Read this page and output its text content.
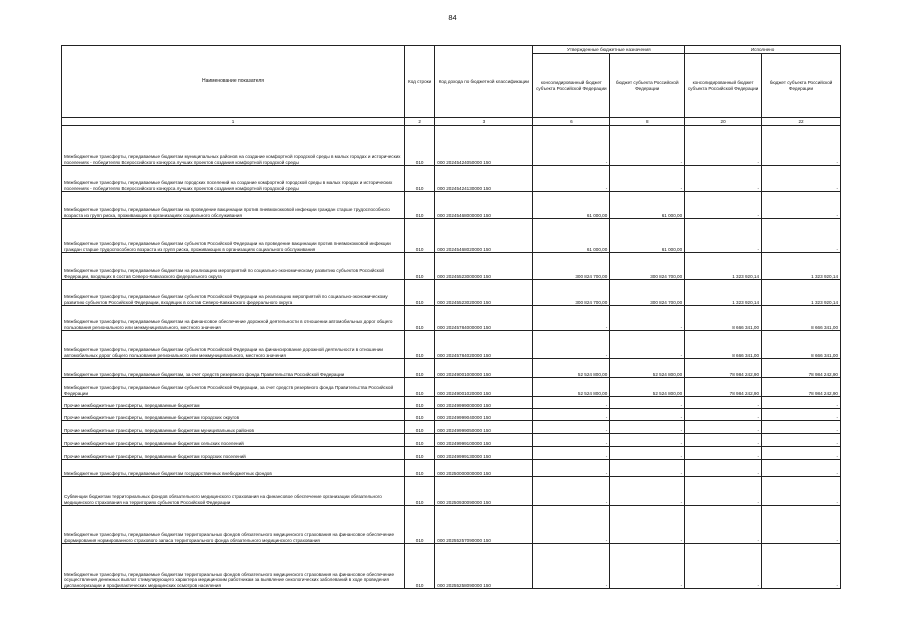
84
Наименование показателя	Код строки	Код дохода по бюджетной классификации	Утвержденные бюджетные назначения		Исполнено	
			консолидированный бюджет субъекта Российской Федерации	бюджет субъекта Российской Федерации	консолидированный бюджет субъекта Российской Федерации	бюджет субъекта Российской Федерации
1	2	3	6	8	20	22
Межбюджетные трансферты, передаваемые бюджетам муниципальных районов на создание комфортной городской среды в малых городах и исторических поселениях - победителях Всероссийского конкурса лучших проектов создания комфортной городской среды	010	000 20245424050000 150	-	-	-	-
Межбюджетные трансферты, передаваемые бюджетам городских поселений на создание комфортной городской среды в малых городах и исторических поселениях - победителях Всероссийского конкурса лучших проектов создания комфортной городской среды	010	000 20245424130000 150	-	-	-	-
Межбюджетные трансферты, передаваемые бюджетам на проведение вакцинации против пневмококковой инфекции граждан старше трудоспособного возраста из групп риска, проживающих в организациях социального обслуживания	010	000 20245468000000 150	61 000,00	61 000,00	-	-
Межбюджетные трансферты, передаваемые бюджетам субъектов Российской Федерации на проведение вакцинации против пневмококковой инфекции граждан старше трудоспособного возраста из групп риска, проживающих в организациях социального обслуживания	010	000 20245468020000 150	61 000,00	61 000,00	-	-
Межбюджетные трансферты, передаваемые бюджетам на реализацию мероприятий по социально-экономическому развитию субъектов Российской Федерации, входящих в состав Северо-Кавказского федерального округа	010	000 20245523000000 150	300 824 700,00	300 824 700,00	1 323 920,14	1 323 920,14
Межбюджетные трансферты, передаваемые бюджетам субъектов Российской Федерации на реализацию мероприятий по социально-экономическому развитию субъектов Российской Федерации, входящих в состав Северо-Кавказского федерального округа	010	000 20245523020000 150	300 824 700,00	300 824 700,00	1 323 920,14	1 323 920,14
Межбюджетные трансферты, передаваемые бюджетам на финансовое обеспечение дорожной деятельности в отношении автомобильных дорог общего пользования регионального или межмуниципального, местного значения	010	000 20245784000000 150	-	-	8 666 341,00	8 666 341,00
Межбюджетные трансферты, передаваемые бюджетам субъектов Российской Федерации на финансирование дорожной деятельности в отношении автомобильных дорог общего пользования регионального или межмуниципального, местного значения	010	000 20245784020000 150	-	-	8 666 341,00	8 666 341,00
Межбюджетные трансферты, передаваемые бюджетам, за счет средств резервного фонда Правительства Российской Федерации	010	000 20249001000000 150	52 524 800,00	52 524 800,00	78 984 242,90	78 984 242,90
Межбюджетные трансферты, передаваемые бюджетам субъектов Российской Федерации, за счет средств резервного фонда Правительства Российской Федерации	010	000 20249001020000 150	52 524 800,00	52 524 800,00	78 984 242,90	78 984 242,90
Прочие межбюджетные трансферты, передаваемые бюджетам	010	000 20249999000000 150	-	-	-	-
Прочие межбюджетные трансферты, передаваемые бюджетам городских округов	010	000 20249999040000 150	-	-	-	-
Прочие межбюджетные трансферты, передаваемые бюджетам муниципальных районов	010	000 20249999050000 150	-	-	-	-
Прочие межбюджетные трансферты, передаваемые бюджетам сельских поселений	010	000 20249999100000 150	-	-	-	-
Прочие межбюджетные трансферты, передаваемые бюджетам городских поселений	010	000 20249999130000 150	-	-	-	-
Межбюджетные трансферты, передаваемые бюджетам государственных внебюджетных фондов	010	000 20250000000000 150	-	-	-	-
Субвенции бюджетам территориальных фондов обязательного медицинского страхования на финансовое обеспечение организации обязательного медицинского страхования на территориях субъектов Российской Федерации	010	000 20250930090000 150	-	-	-	-
Межбюджетные трансферты, передаваемые бюджетам территориальных фондов обязательного медицинского страхования на финансовое обеспечение формирования нормированного страхового запаса территориального фонда обязательного медицинского страхования	010	000 20255257090000 150	-	-	-	-
Межбюджетные трансферты, передаваемые бюджетам территориальных фондов обязательного медицинского страхования на финансовое обеспечение осуществления денежных выплат стимулирующего характера медицинским работникам за выявление онкологических заболеваний в ходе проведения диспансеризации и профилактических медицинских осмотров населения	010	000 20255258090000 150	-	-	-	-
